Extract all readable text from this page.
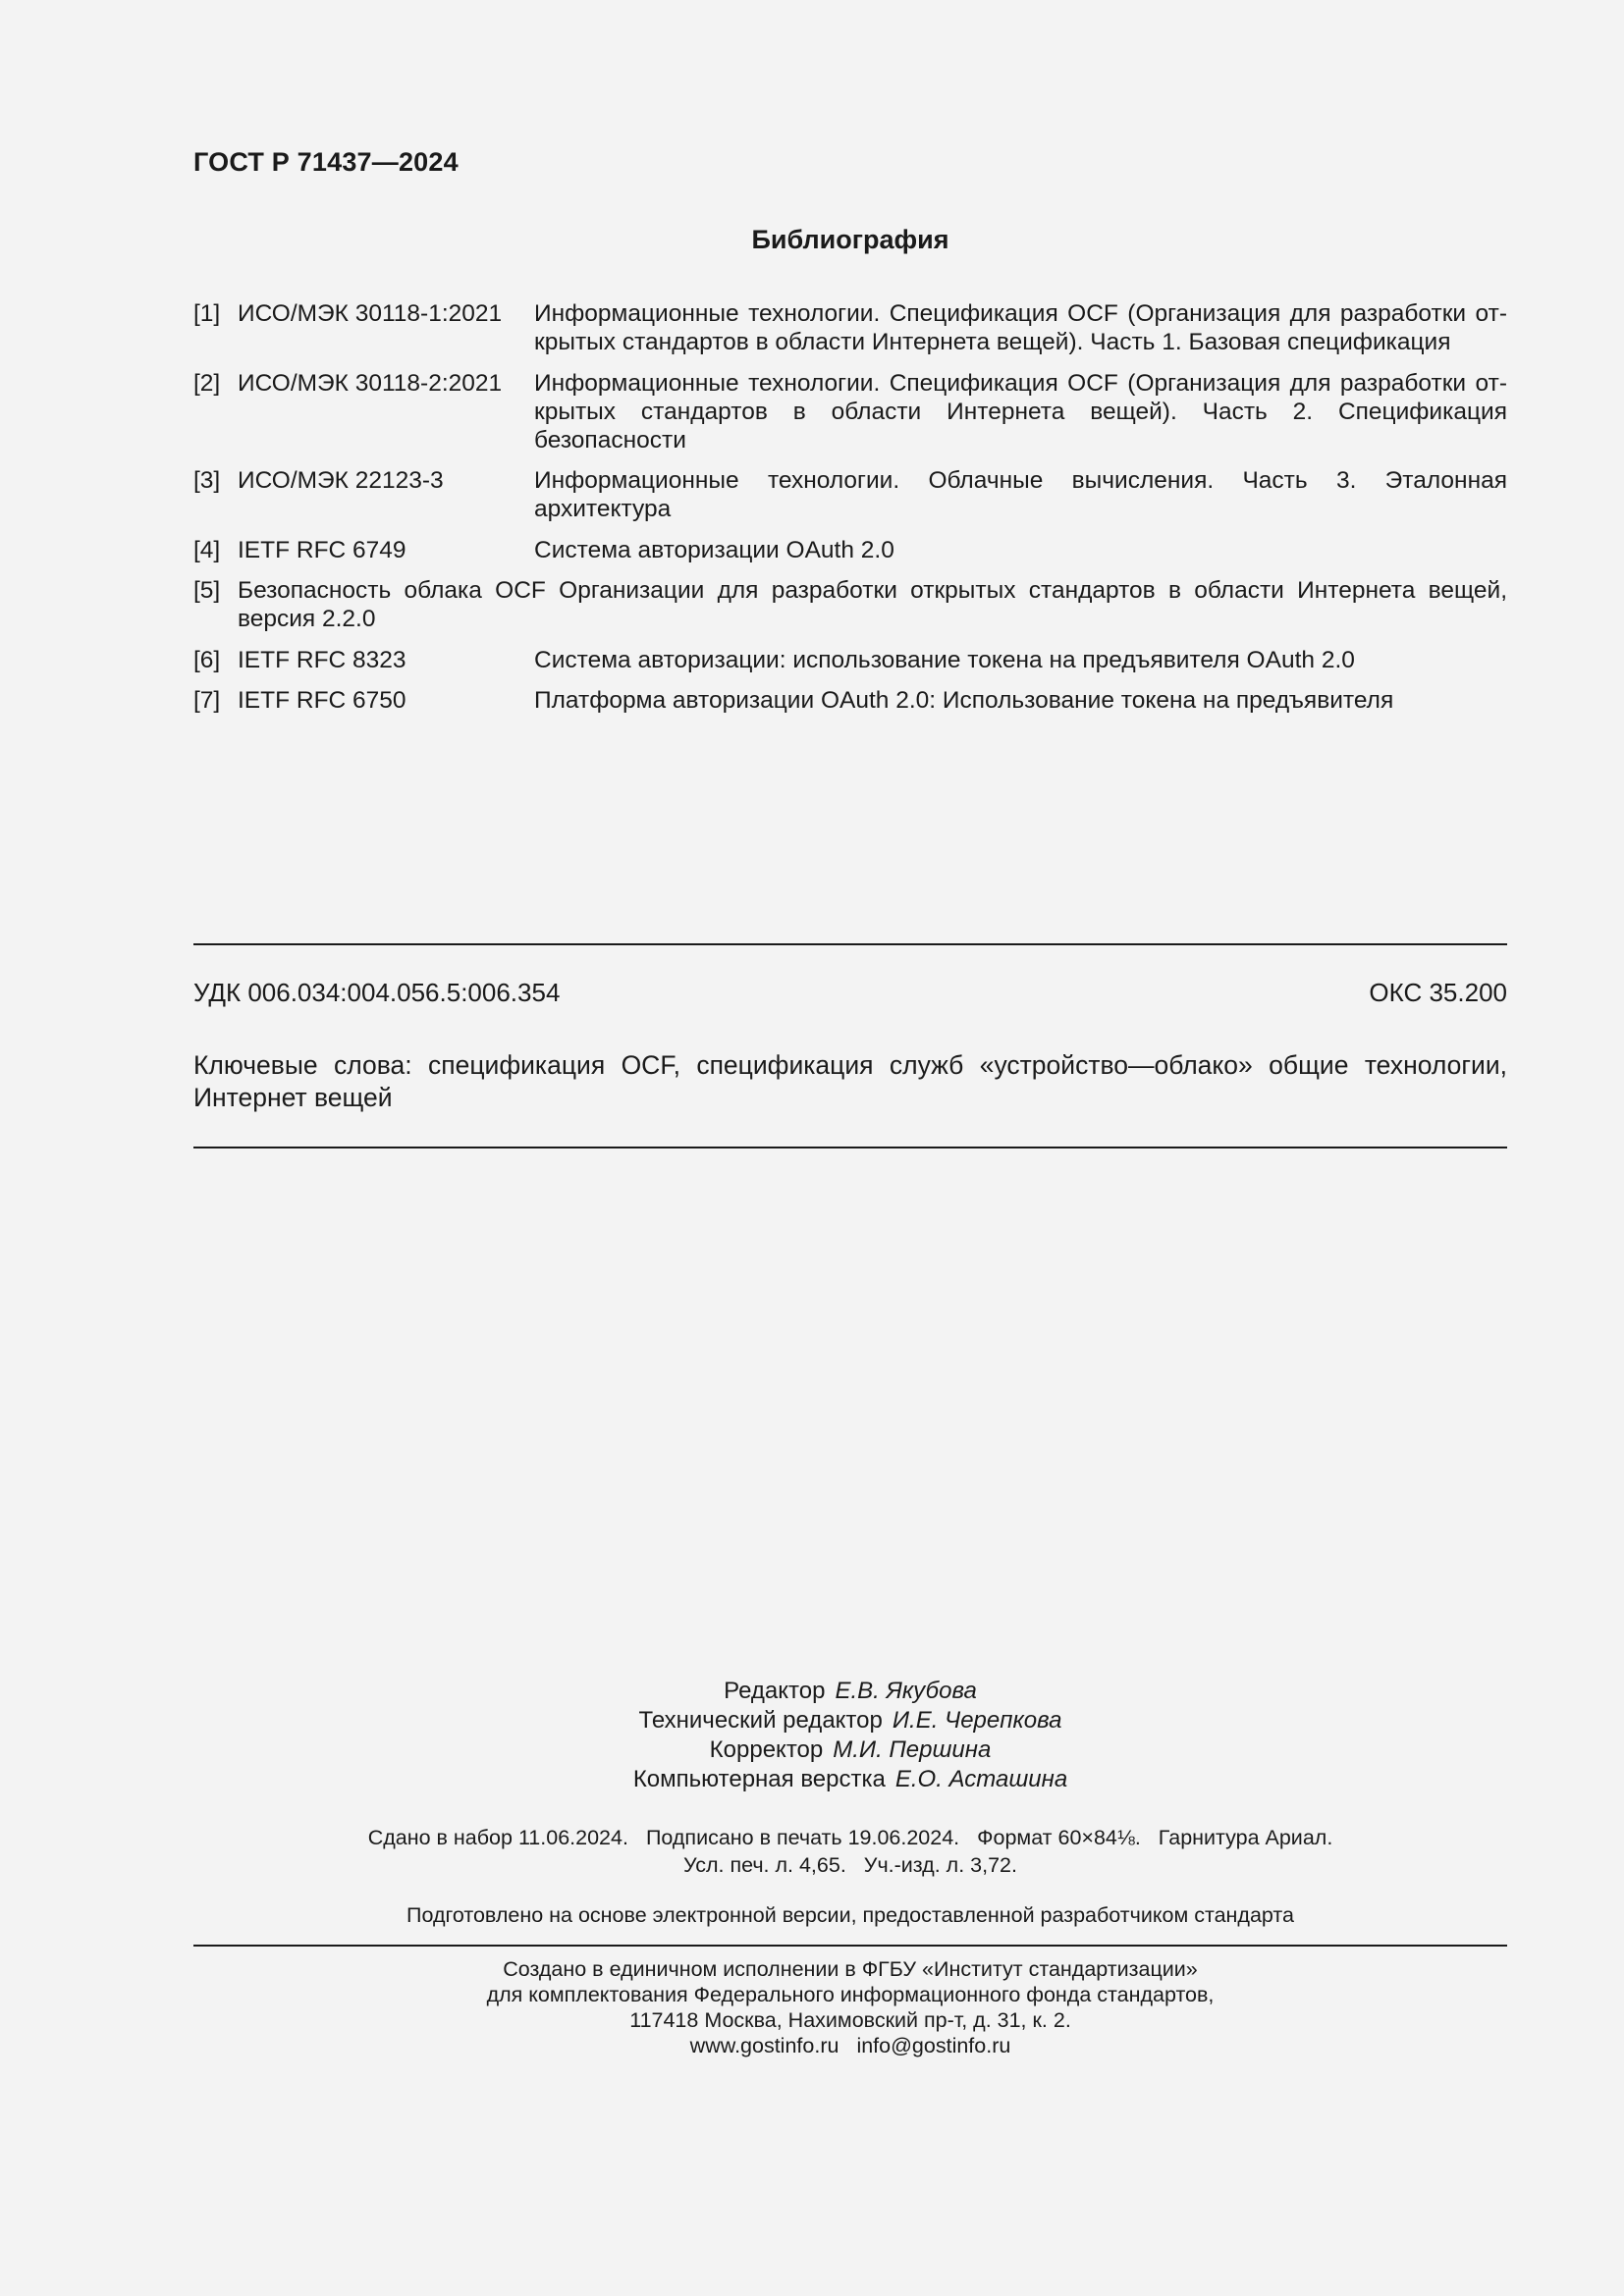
ГОСТ Р 71437—2024
Библиография
[1] ИСО/МЭК 30118-1:2021	Информационные технологии. Спецификация OCF (Организация для разработки от-крытых стандартов в области Интернета вещей). Часть 1. Базовая спецификация
[2] ИСО/МЭК 30118-2:2021	Информационные технологии. Спецификация OCF (Организация для разработки от-крытых стандартов в области Интернета вещей). Часть 2. Спецификация безопасности
[3] ИСО/МЭК 22123-3	Информационные технологии. Облачные вычисления. Часть 3. Эталонная архитектура
[4] IETF RFC 6749	Система авторизации OAuth 2.0
[5] Безопасность облака OCF Организации для разработки открытых стандартов в области Интернета вещей, версия 2.2.0
[6] IETF RFC 8323	Система авторизации: использование токена на предъявителя OAuth 2.0
[7] IETF RFC 6750	Платформа авторизации OAuth 2.0: Использование токена на предъявителя
УДК 006.034:004.056.5:006.354	ОКС 35.200
Ключевые слова: спецификация OCF, спецификация служб «устройство—облако» общие технологии, Интернет вещей
Редактор Е.В. Якубова
Технический редактор И.Е. Черепкова
Корректор М.И. Першина
Компьютерная верстка Е.О. Асташина
Сдано в набор 11.06.2024. Подписано в печать 19.06.2024. Формат 60×84⅛. Гарнитура Ариал.
Усл. печ. л. 4,65. Уч.-изд. л. 3,72.
Подготовлено на основе электронной версии, предоставленной разработчиком стандарта
Создано в единичном исполнении в ФГБУ «Институт стандартизации»
для комплектования Федерального информационного фонда стандартов,
117418 Москва, Нахимовский пр-т, д. 31, к. 2.
www.gostinfo.ru info@gostinfo.ru
